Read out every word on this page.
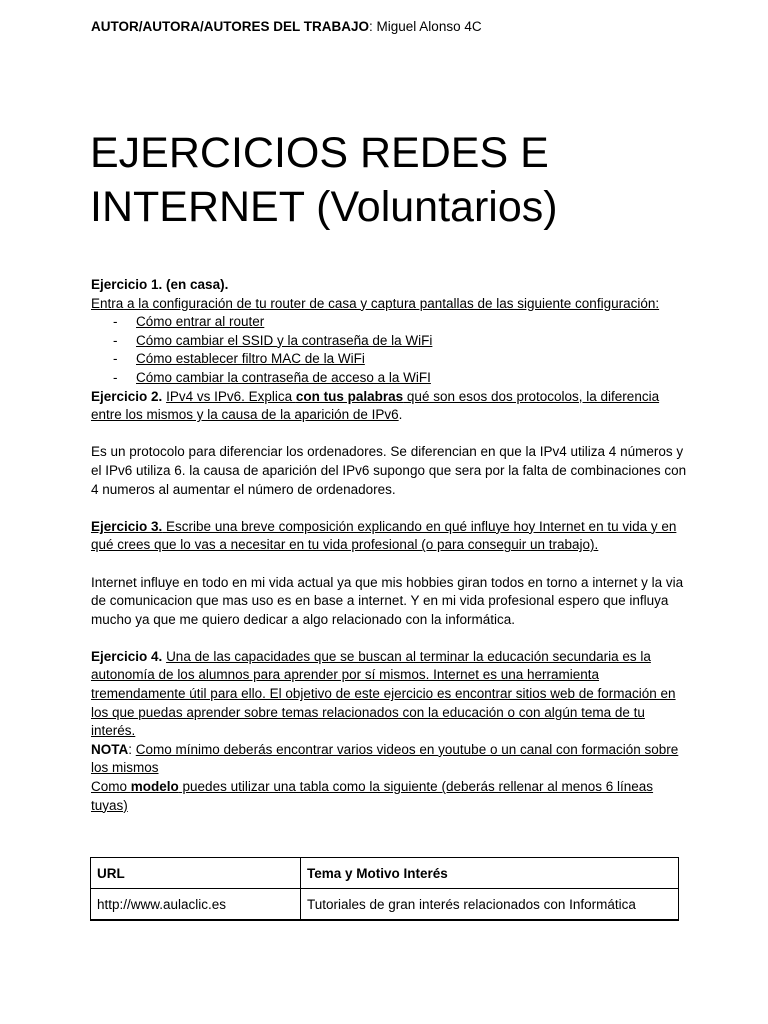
AUTOR/AUTORA/AUTORES DEL TRABAJO: Miguel Alonso 4C
EJERCICIOS REDES E
INTERNET (Voluntarios)

Ejercicio 1. (en casa).

Entra a la configuración de tu router de casa y captura pantallas de las siguiente configuración:

- Cómo entrar al router
- Cómo cambiar el SSID y la contraseña de la WiFi
- Cómo establecer filtro MAC de la WiFi
- Cómo cambiar la contraseña de acceso a la WiFI

Ejercicio 2. IPv4 vs IPv6. Explica con tus palabras qué son esos dos protocolos, la diferencia entre los mismos y la causa de la aparición de IPv6.

Es un protocolo para diferenciar los ordenadores. Se diferencian en que la IPv4 utiliza 4 números y el IPv6 utiliza 6. la causa de aparición del IPv6 supongo que sera por la falta de combinaciones con 4 numeros al aumentar el número de ordenadores.

Ejercicio 3. Escribe una breve composición explicando en qué influye hoy Internet en tu vida y en qué crees que lo vas a necesitar en tu vida profesional (o para conseguir un trabajo).

Internet influye en todo en mi vida actual ya que mis hobbies giran todos en torno a internet y la via de comunicacion que mas uso es en base a internet. Y en mi vida profesional espero que influya mucho ya que me quiero dedicar a algo relacionado con la informática.

Ejercicio 4. Una de las capacidades que se buscan al terminar la educación secundaria es la autonomía de los alumnos para aprender por sí mismos. Internet es una herramienta tremendamente útil para ello. El objetivo de este ejercicio es encontrar sitios web de formación en los que puedas aprender sobre temas relacionados con la educación o con algún tema de tu interés.

NOTA: Como mínimo deberás encontrar varios videos en youtube o un canal con formación sobre los mismos

Como modelo puedes utilizar una tabla como la siguiente (deberás rellenar al menos 6 líneas tuyas)

URL	Tema y Motivo Interés
http://www.aulaclic.es	Tutoriales de gran interés relacionados con Informática
